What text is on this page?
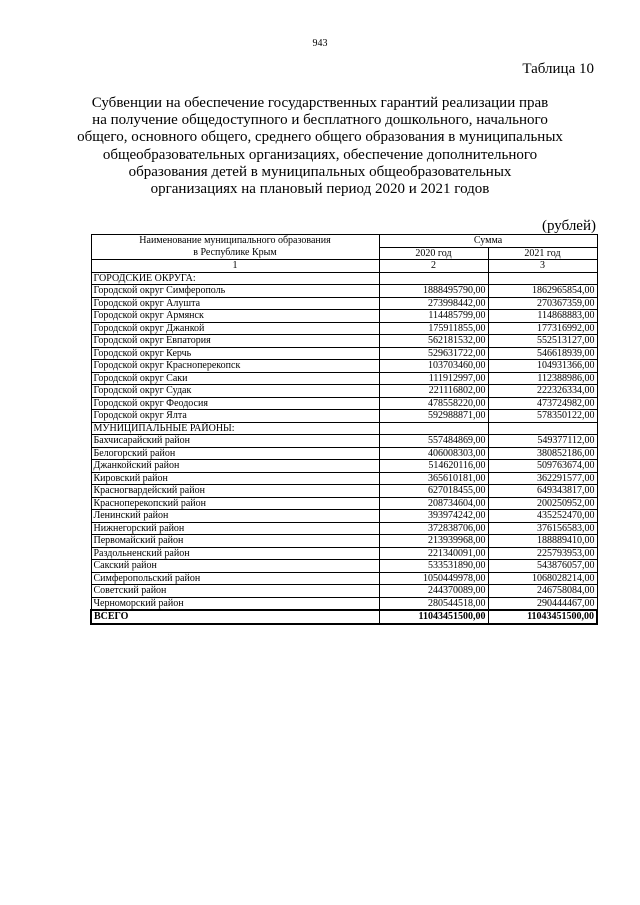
943
Таблица 10
Субвенции на обеспечение государственных гарантий реализации прав
на получение общедоступного и бесплатного дошкольного, начального
общего, основного общего, среднего общего образования в муниципальных
общеобразовательных организациях, обеспечение дополнительного
образования детей в муниципальных общеобразовательных
организациях на плановый период 2020 и 2021 годов
(рублей)
Наименование муниципального образования
в Республике Крым	Сумма	
	2020 год	2021 год
1	2	3
ГОРОДСКИЕ ОКРУГА:		
Городской округ Симферополь	1888495790,00	1862965854,00
Городской округ Алушта	273998442,00	270367359,00
Городской округ Армянск	114485799,00	114868883,00
Городской округ Джанкой	175911855,00	177316992,00
Городской округ Евпатория	562181532,00	552513127,00
Городской округ Керчь	529631722,00	546618939,00
Городской округ Красноперекопск	103703460,00	104931366,00
Городской округ Саки	111912997,00	112388986,00
Городской округ Судак	221116802,00	222326334,00
Городской округ Феодосия	478558220,00	473724982,00
Городской округ Ялта	592988871,00	578350122,00
МУНИЦИПАЛЬНЫЕ РАЙОНЫ:		
Бахчисарайский район	557484869,00	549377112,00
Белогорский район	406008303,00	380852186,00
Джанкойский район	514620116,00	509763674,00
Кировский район	365610181,00	362291577,00
Красногвардейский район	627018455,00	649343817,00
Красноперекопский район	208734604,00	200250952,00
Ленинский район	393974242,00	435252470,00
Нижнегорский район	372838706,00	376156583,00
Первомайский район	213939968,00	188889410,00
Раздольненский район	221340091,00	225793953,00
Сакский район	533531890,00	543876057,00
Симферопольский район	1050449978,00	1068028214,00
Советский район	244370089,00	246758084,00
Черноморский район	280544518,00	290444467,00
ВСЕГО	11043451500,00	11043451500,00
